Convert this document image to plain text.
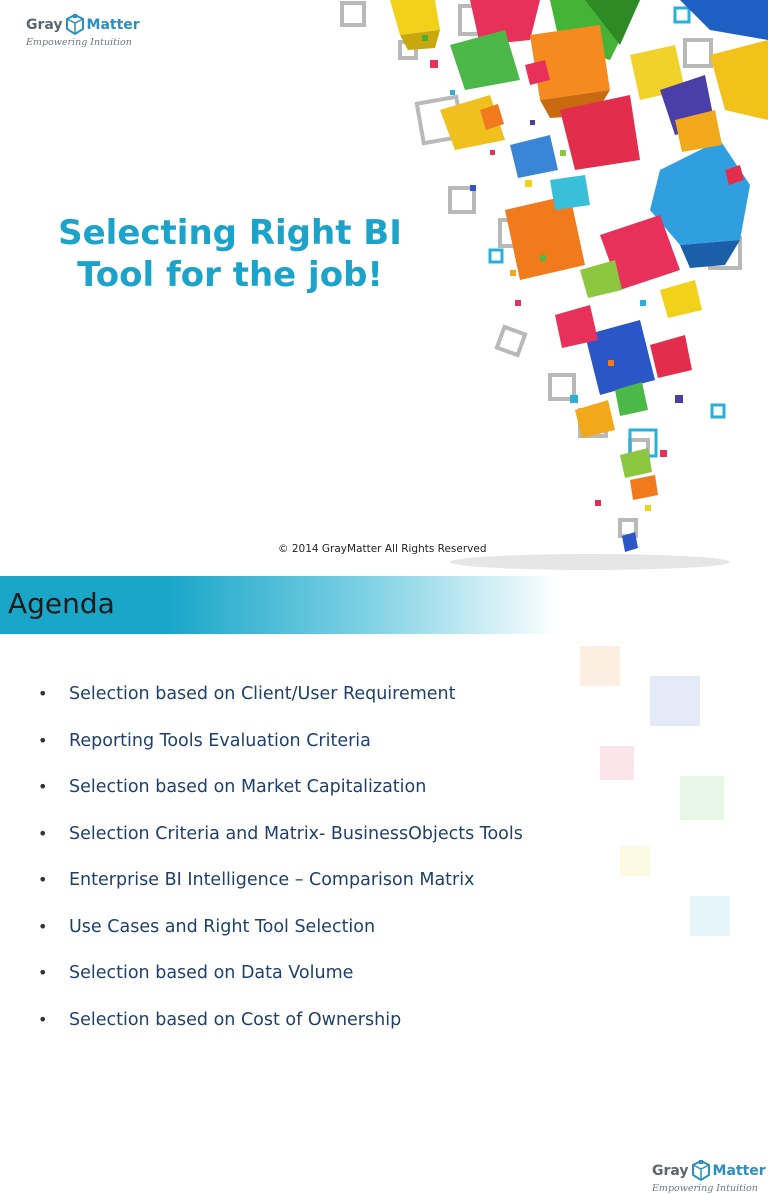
Gray Matter
Empowering Intuition
Selecting Right BI
Tool for the job!
© 2014 GrayMatter All Rights Reserved
Agenda
Gray Matter
Empowering Intuition
• Selection based on Client/User Requirement
• Reporting Tools Evaluation Criteria
• Selection based on Market Capitalization
• Selection Criteria and Matrix- BusinessObjects Tools
• Enterprise BI Intelligence – Comparison Matrix
• Use Cases and Right Tool Selection
• Selection based on Data Volume
• Selection based on Cost of Ownership
